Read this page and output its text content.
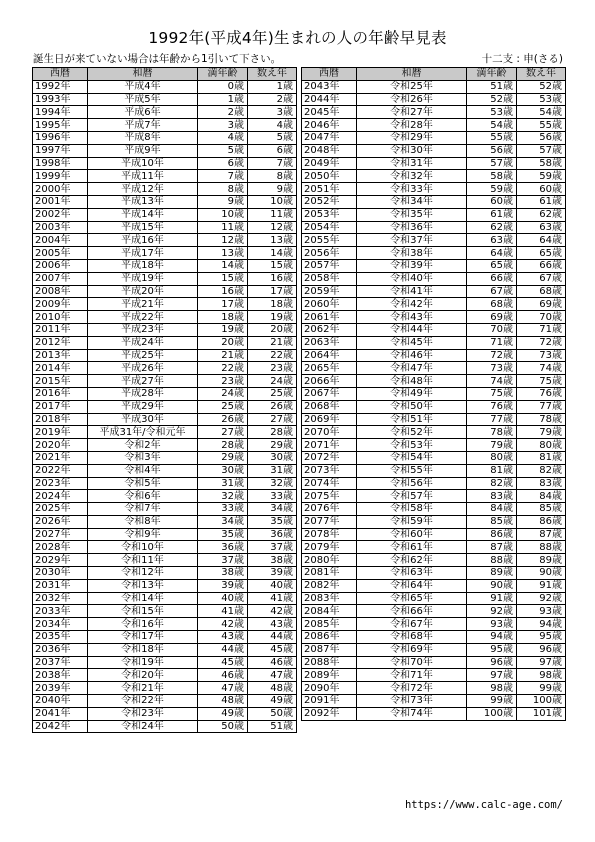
1992年(平成4年)生まれの人の年齢早見表
誕生日が来ていない場合は年齢から1引いて下さい。	十二支 : 申(さる)
西暦	和暦	満年齢	数え年
1992年	平成4年	0歳	1歳
1993年	平成5年	1歳	2歳
1994年	平成6年	2歳	3歳
1995年	平成7年	3歳	4歳
1996年	平成8年	4歳	5歳
1997年	平成9年	5歳	6歳
1998年	平成10年	6歳	7歳
1999年	平成11年	7歳	8歳
2000年	平成12年	8歳	9歳
2001年	平成13年	9歳	10歳
2002年	平成14年	10歳	11歳
2003年	平成15年	11歳	12歳
2004年	平成16年	12歳	13歳
2005年	平成17年	13歳	14歳
2006年	平成18年	14歳	15歳
2007年	平成19年	15歳	16歳
2008年	平成20年	16歳	17歳
2009年	平成21年	17歳	18歳
2010年	平成22年	18歳	19歳
2011年	平成23年	19歳	20歳
2012年	平成24年	20歳	21歳
2013年	平成25年	21歳	22歳
2014年	平成26年	22歳	23歳
2015年	平成27年	23歳	24歳
2016年	平成28年	24歳	25歳
2017年	平成29年	25歳	26歳
2018年	平成30年	26歳	27歳
2019年	平成31年/令和元年	27歳	28歳
2020年	令和2年	28歳	29歳
2021年	令和3年	29歳	30歳
2022年	令和4年	30歳	31歳
2023年	令和5年	31歳	32歳
2024年	令和6年	32歳	33歳
2025年	令和7年	33歳	34歳
2026年	令和8年	34歳	35歳
2027年	令和9年	35歳	36歳
2028年	令和10年	36歳	37歳
2029年	令和11年	37歳	38歳
2030年	令和12年	38歳	39歳
2031年	令和13年	39歳	40歳
2032年	令和14年	40歳	41歳
2033年	令和15年	41歳	42歳
2034年	令和16年	42歳	43歳
2035年	令和17年	43歳	44歳
2036年	令和18年	44歳	45歳
2037年	令和19年	45歳	46歳
2038年	令和20年	46歳	47歳
2039年	令和21年	47歳	48歳
2040年	令和22年	48歳	49歳
2041年	令和23年	49歳	50歳
2042年	令和24年	50歳	51歳
西暦	和暦	満年齢	数え年
2043年	令和25年	51歳	52歳
2044年	令和26年	52歳	53歳
2045年	令和27年	53歳	54歳
2046年	令和28年	54歳	55歳
2047年	令和29年	55歳	56歳
2048年	令和30年	56歳	57歳
2049年	令和31年	57歳	58歳
2050年	令和32年	58歳	59歳
2051年	令和33年	59歳	60歳
2052年	令和34年	60歳	61歳
2053年	令和35年	61歳	62歳
2054年	令和36年	62歳	63歳
2055年	令和37年	63歳	64歳
2056年	令和38年	64歳	65歳
2057年	令和39年	65歳	66歳
2058年	令和40年	66歳	67歳
2059年	令和41年	67歳	68歳
2060年	令和42年	68歳	69歳
2061年	令和43年	69歳	70歳
2062年	令和44年	70歳	71歳
2063年	令和45年	71歳	72歳
2064年	令和46年	72歳	73歳
2065年	令和47年	73歳	74歳
2066年	令和48年	74歳	75歳
2067年	令和49年	75歳	76歳
2068年	令和50年	76歳	77歳
2069年	令和51年	77歳	78歳
2070年	令和52年	78歳	79歳
2071年	令和53年	79歳	80歳
2072年	令和54年	80歳	81歳
2073年	令和55年	81歳	82歳
2074年	令和56年	82歳	83歳
2075年	令和57年	83歳	84歳
2076年	令和58年	84歳	85歳
2077年	令和59年	85歳	86歳
2078年	令和60年	86歳	87歳
2079年	令和61年	87歳	88歳
2080年	令和62年	88歳	89歳
2081年	令和63年	89歳	90歳
2082年	令和64年	90歳	91歳
2083年	令和65年	91歳	92歳
2084年	令和66年	92歳	93歳
2085年	令和67年	93歳	94歳
2086年	令和68年	94歳	95歳
2087年	令和69年	95歳	96歳
2088年	令和70年	96歳	97歳
2089年	令和71年	97歳	98歳
2090年	令和72年	98歳	99歳
2091年	令和73年	99歳	100歳
2092年	令和74年	100歳	101歳
https://www.calc-age.com/
